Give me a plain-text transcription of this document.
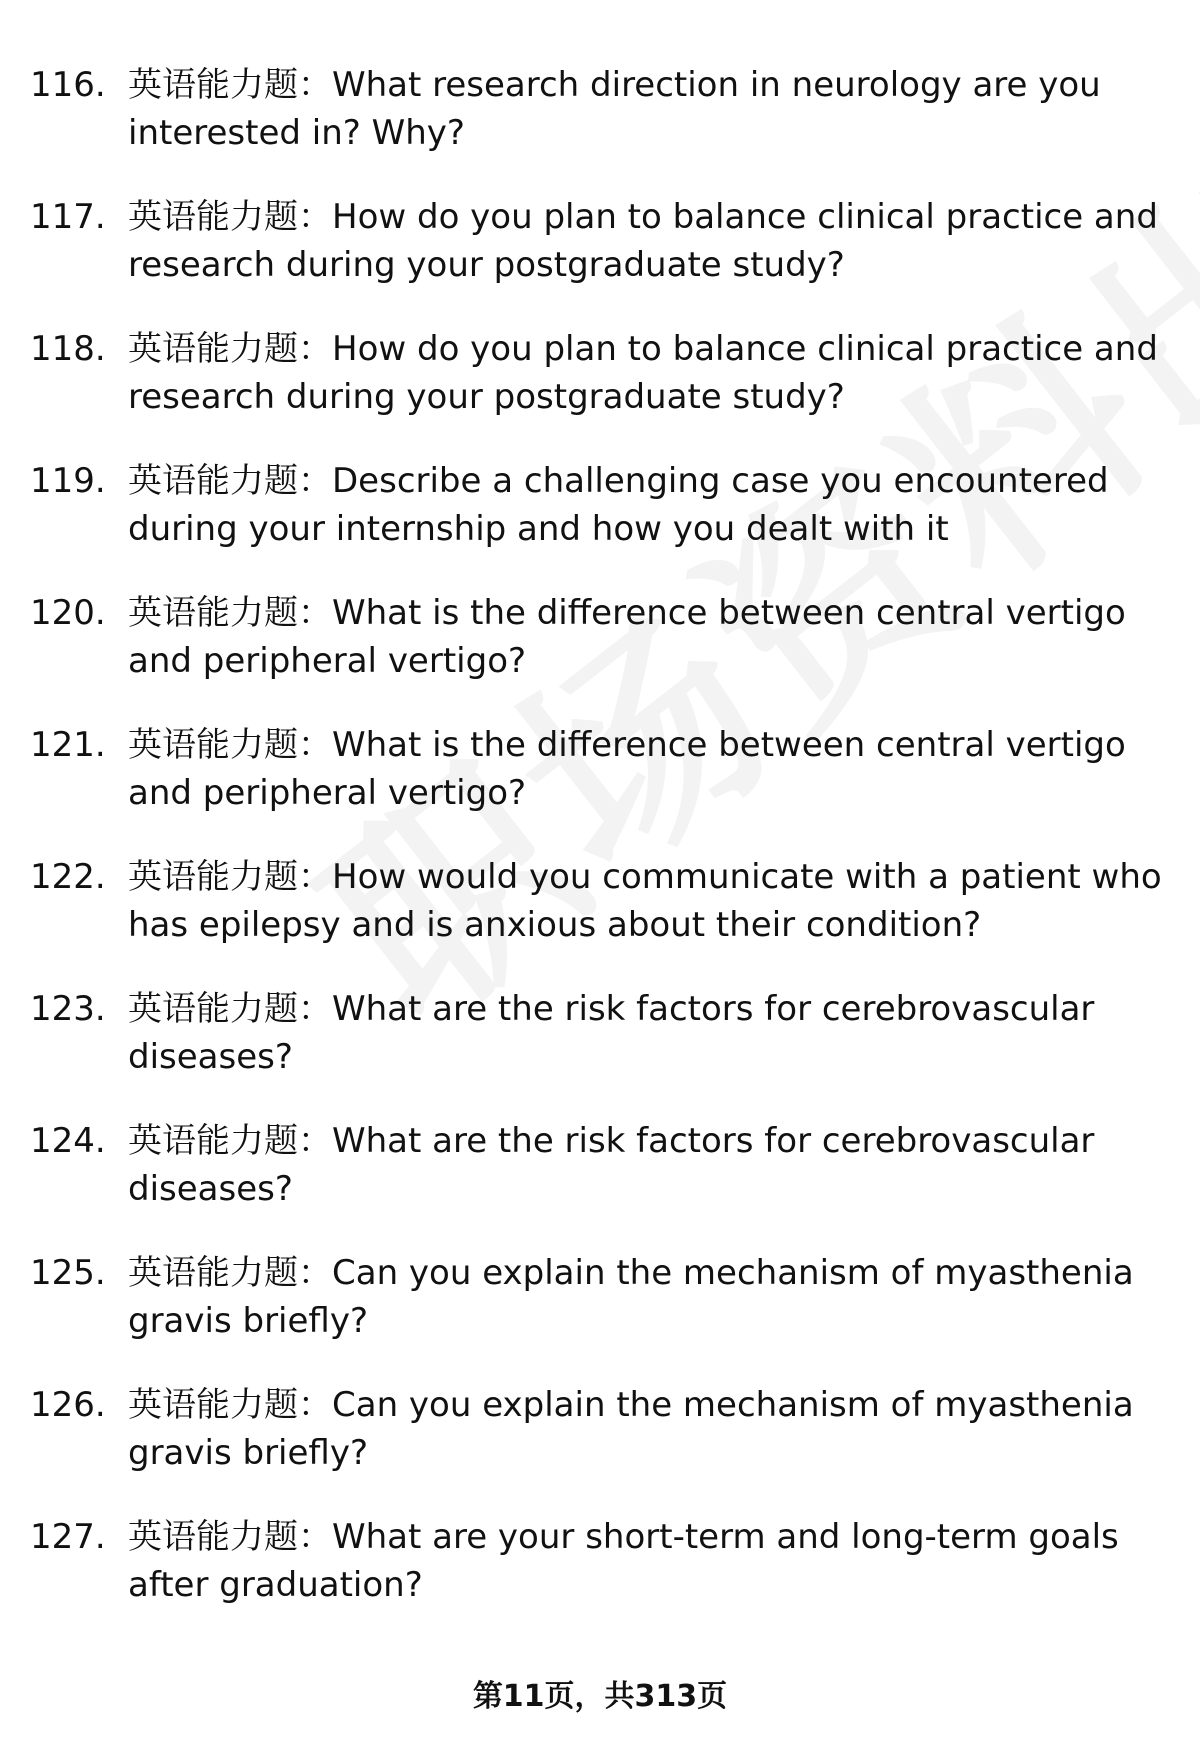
116. 英语能力题：What research direction in neurology are you interested in? Why?
117. 英语能力题：How do you plan to balance clinical practice and research during your postgraduate study?
118. 英语能力题：How do you plan to balance clinical practice and research during your postgraduate study?
119. 英语能力题：Describe a challenging case you encountered during your internship and how you dealt with it
120. 英语能力题：What is the difference between central vertigo and peripheral vertigo?
121. 英语能力题：What is the difference between central vertigo and peripheral vertigo?
122. 英语能力题：How would you communicate with a patient who has epilepsy and is anxious about their condition?
123. 英语能力题：What are the risk factors for cerebrovascular diseases?
124. 英语能力题：What are the risk factors for cerebrovascular diseases?
125. 英语能力题：Can you explain the mechanism of myasthenia gravis briefly?
126. 英语能力题：Can you explain the mechanism of myasthenia gravis briefly?
127. 英语能力题：What are your short-term and long-term goals after graduation?
第11页，共313页
